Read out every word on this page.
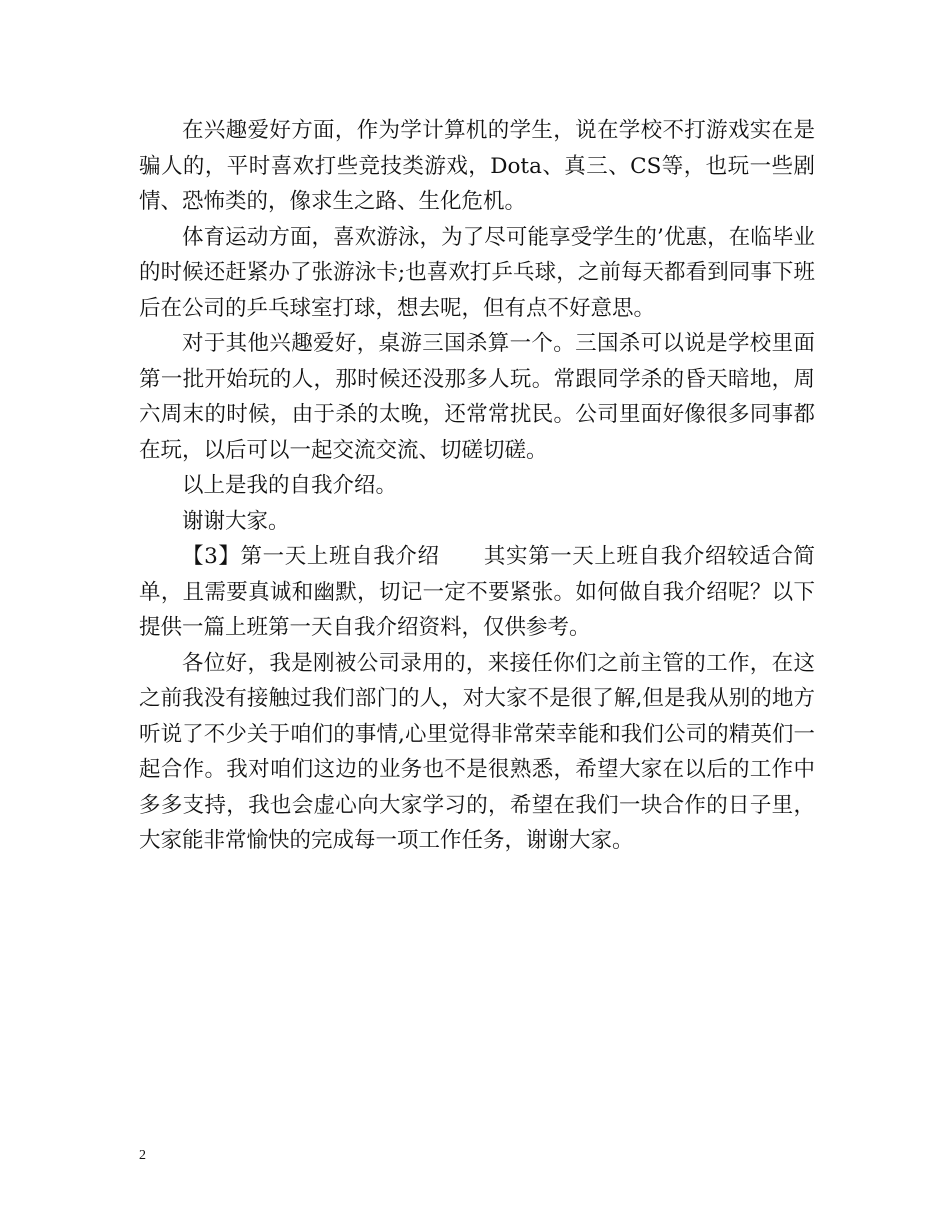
在兴趣爱好方面，作为学计算机的学生，说在学校不打游戏实在是骗人的，平时喜欢打些竞技类游戏，Dota、真三、CS等，也玩一些剧情、恐怖类的，像求生之路、生化危机。

体育运动方面，喜欢游泳，为了尽可能享受学生的’优惠，在临毕业的时候还赶紧办了张游泳卡;也喜欢打乒乓球，之前每天都看到同事下班后在公司的乒乓球室打球，想去呢，但有点不好意思。

对于其他兴趣爱好，桌游三国杀算一个。三国杀可以说是学校里面第一批开始玩的人，那时候还没那多人玩。常跟同学杀的昏天暗地，周六周末的时候，由于杀的太晚，还常常扰民。公司里面好像很多同事都在玩，以后可以一起交流交流、切磋切磋。

以上是我的自我介绍。

谢谢大家。

【3】第一天上班自我介绍　　其实第一天上班自我介绍较适合简单，且需要真诚和幽默，切记一定不要紧张。如何做自我介绍呢？以下提供一篇上班第一天自我介绍资料，仅供参考。

各位好，我是刚被公司录用的，来接任你们之前主管的工作，在这之前我没有接触过我们部门的人，对大家不是很了解,但是我从别的地方听说了不少关于咱们的事情,心里觉得非常荣幸能和我们公司的精英们一起合作。我对咱们这边的业务也不是很熟悉，希望大家在以后的工作中多多支持，我也会虚心向大家学习的，希望在我们一块合作的日子里，大家能非常愉快的完成每一项工作任务，谢谢大家。

2
